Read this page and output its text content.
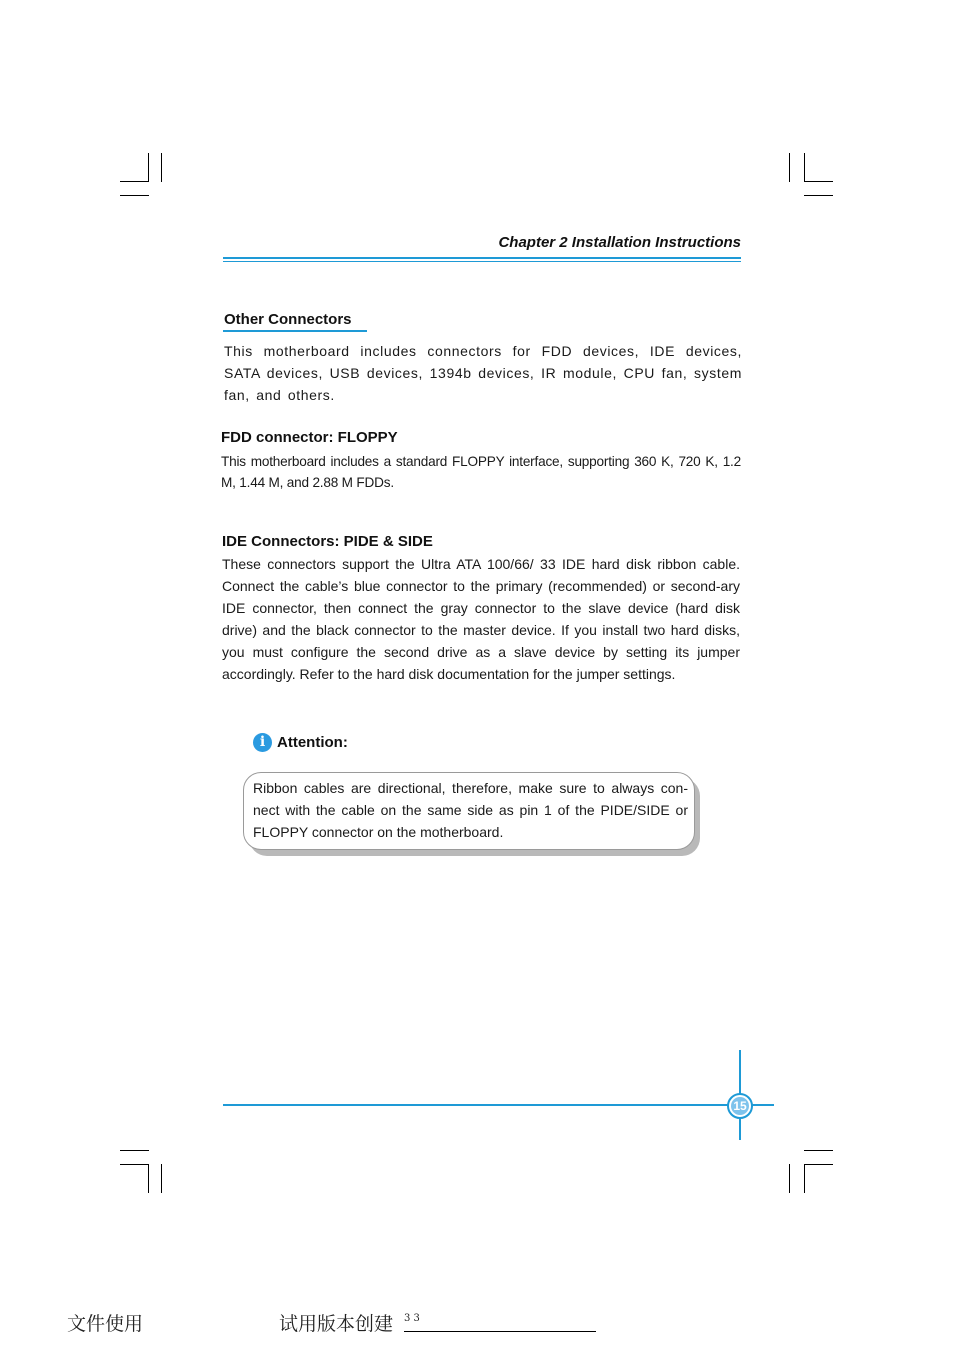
Chapter 2 Installation Instructions
Other Connectors
This motherboard includes connectors for FDD devices, IDE devices, SATA devices, USB devices, 1394b devices, IR module, CPU fan, system fan, and others.
FDD connector: FLOPPY
This motherboard includes a standard FLOPPY interface, supporting 360 K, 720 K, 1.2 M, 1.44 M, and 2.88 M FDDs.
IDE Connectors: PIDE & SIDE
These connectors support the Ultra ATA 100/66/ 33 IDE hard disk ribbon cable. Connect the cable’s blue connector to the primary (recommended) or second-ary IDE connector, then connect the gray connector to the slave device (hard disk drive) and the black connector to the master device. If you install two hard disks, you must configure the second drive as a slave device by setting its jumper accordingly. Refer to the hard disk documentation for the jumper settings.
i Attention:
Ribbon cables are directional, therefore, make sure to always con-nect with the cable on the same side as pin 1 of the PIDE/SIDE or FLOPPY connector on the motherboard.
15
文件使用	试用版本创建 3 3
